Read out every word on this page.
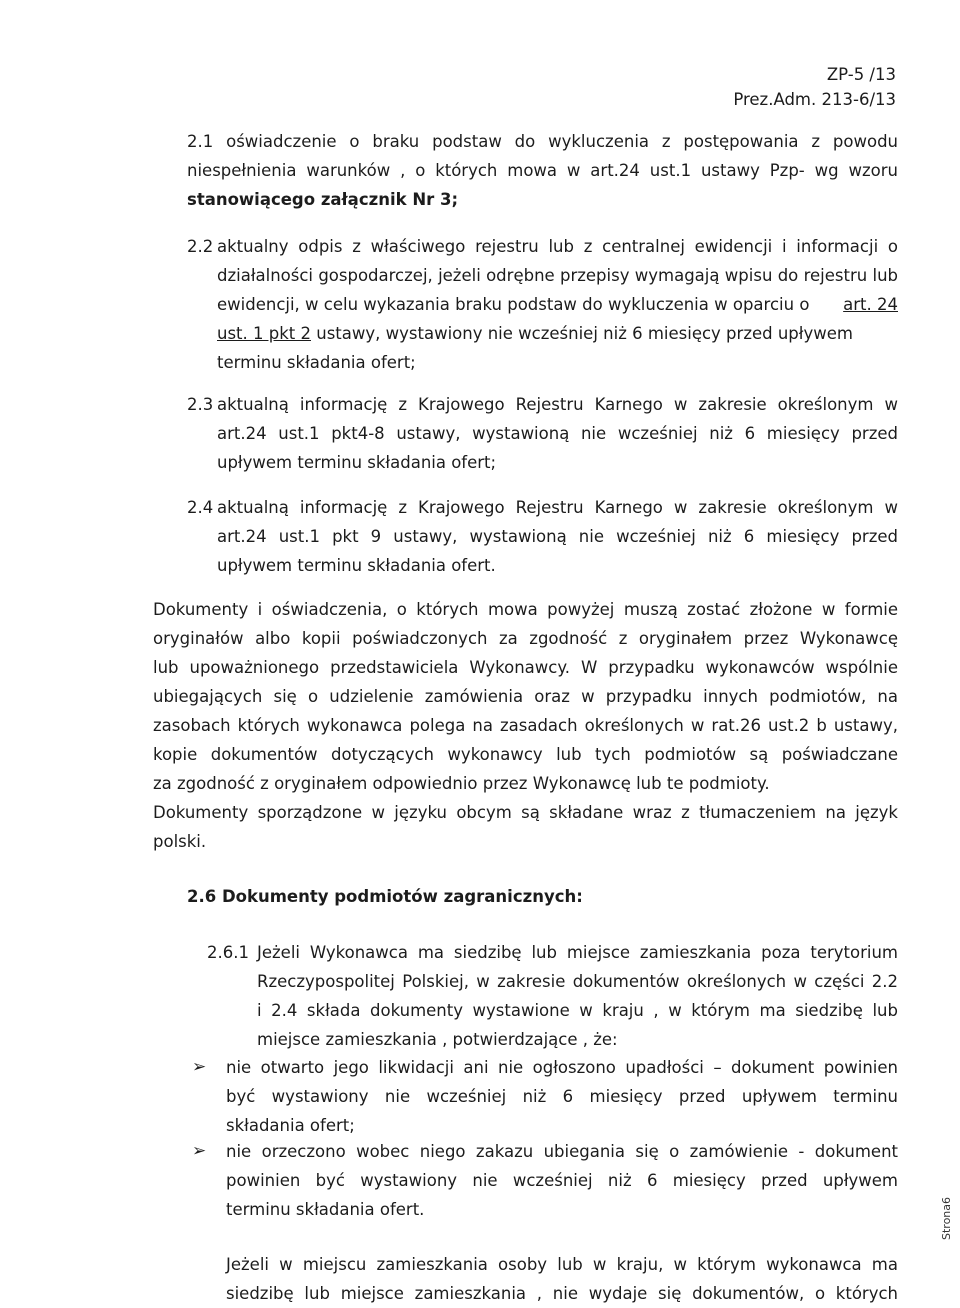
ZP-5 /13
Prez.Adm. 213-6/13
2.1 oświadczenie o braku podstaw do wykluczenia z postępowania z powodu
niespełnienia warunków , o których mowa w art.24 ust.1 ustawy Pzp- wg wzoru
stanowiącego załącznik Nr 3;
2.2 aktualny odpis z właściwego rejestru lub z centralnej ewidencji i informacji o
działalności gospodarczej, jeżeli odrębne przepisy wymagają wpisu do rejestru lub
ewidencji, w celu wykazania braku podstaw do wykluczenia w oparciu o art. 24
ust. 1 pkt 2 ustawy, wystawiony nie wcześniej niż 6 miesięcy przed upływem
terminu składania ofert;
2.3 aktualną informację z Krajowego Rejestru Karnego w zakresie określonym w
art.24 ust.1 pkt4-8 ustawy, wystawioną nie wcześniej niż 6 miesięcy przed
upływem terminu składania ofert;
2.4 aktualną informację z Krajowego Rejestru Karnego w zakresie określonym w
art.24 ust.1 pkt 9 ustawy, wystawioną nie wcześniej niż 6 miesięcy przed
upływem terminu składania ofert.
Dokumenty i oświadczenia, o których mowa powyżej muszą zostać złożone w formie
oryginałów albo kopii poświadczonych za zgodność z oryginałem przez Wykonawcę
lub upoważnionego przedstawiciela Wykonawcy. W przypadku wykonawców wspólnie
ubiegających się o udzielenie zamówienia oraz w przypadku innych podmiotów, na
zasobach których wykonawca polega na zasadach określonych w rat.26 ust.2 b ustawy,
kopie dokumentów dotyczących wykonawcy lub tych podmiotów są poświadczane
za zgodność z oryginałem odpowiednio przez Wykonawcę lub te podmioty.
Dokumenty sporządzone w języku obcym są składane wraz z tłumaczeniem na język
polski.
2.6 Dokumenty podmiotów zagranicznych:
2.6.1 Jeżeli Wykonawca ma siedzibę lub miejsce zamieszkania poza terytorium
Rzeczypospolitej Polskiej, w zakresie dokumentów określonych w części 2.2
i 2.4 składa dokumenty wystawione w kraju , w którym ma siedzibę lub
miejsce zamieszkania , potwierdzające , że:
➢ nie otwarto jego likwidacji ani nie ogłoszono upadłości – dokument powinien
być wystawiony nie wcześniej niż 6 miesięcy przed upływem terminu
składania ofert;
➢ nie orzeczono wobec niego zakazu ubiegania się o zamówienie - dokument
powinien być wystawiony nie wcześniej niż 6 miesięcy przed upływem
terminu składania ofert.
Jeżeli w miejscu zamieszkania osoby lub w kraju, w którym wykonawca ma
siedzibę lub miejsce zamieszkania , nie wydaje się dokumentów, o których
Strona6
